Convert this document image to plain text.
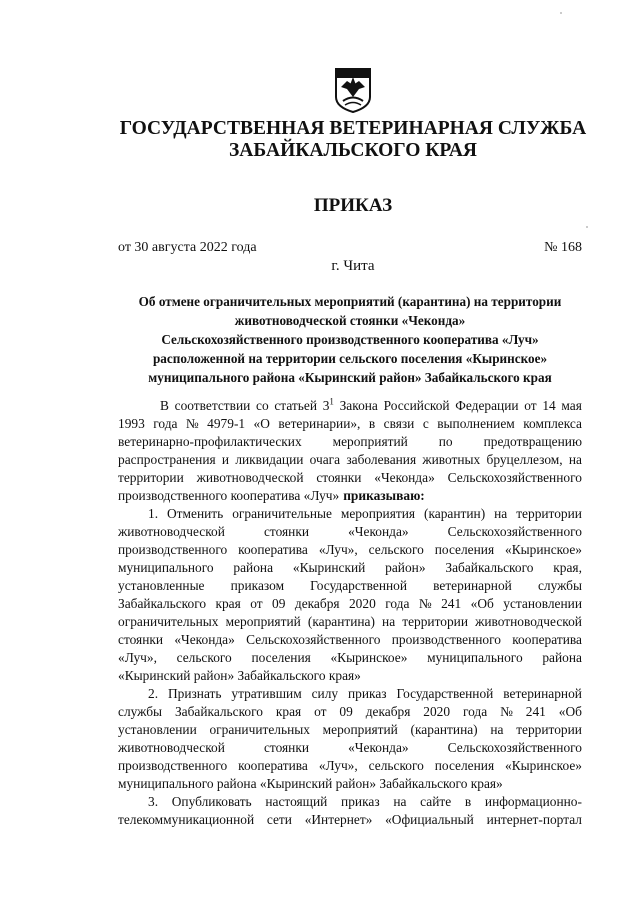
ГОСУДАРСТВЕННАЯ ВЕТЕРИНАРНАЯ СЛУЖБА
ЗАБАЙКАЛЬСКОГО КРАЯ
ПРИКАЗ
от 30 августа 2022 года	№ 168
г. Чита
Об отмене ограничительных мероприятий (карантина) на территории
животноводческой стоянки «Чеконда»
Сельскохозяйственного производственного кооператива «Луч»
расположенной на территории сельского поселения «Кыринское»
муниципального района «Кыринский район» Забайкальского края
В соответствии со статьей $3^1$ Закона Российской Федерации от 14 мая
1993 года № 4979-1 «О ветеринарии», в связи с выполнением комплекса
ветеринарно-профилактических мероприятий по предотвращению
распространения и ликвидации очага заболевания животных бруцеллезом, на
территории животноводческой стоянки «Чеконда» Сельскохозяйственного
производственного кооператива «Луч» приказываю:
1. Отменить ограничительные мероприятия (карантин) на территории
животноводческой	стоянки	«Чеконда»	Сельскохозяйственного
производственного кооператива «Луч», сельского поселения «Кыринское»
муниципального района «Кыринский район» Забайкальского края,
установленные приказом Государственной ветеринарной службы
Забайкальского края от 09 декабря 2020 года № 241 «Об установлении
ограничительных мероприятий (карантина) на территории животноводческой
стоянки «Чеконда» Сельскохозяйственного производственного кооператива
«Луч», сельского поселения «Кыринское» муниципального района
«Кыринский район» Забайкальского края»
2. Признать утратившим силу приказ Государственной ветеринарной
службы Забайкальского края от 09 декабря 2020 года № 241 «Об
установлении ограничительных мероприятий (карантина) на территории
животноводческой	стоянки	«Чеконда»	Сельскохозяйственного
производственного кооператива «Луч», сельского поселения «Кыринское»
муниципального района «Кыринский район» Забайкальского края»
3. Опубликовать настоящий приказ на сайте в информационно-
телекоммуникационной сети «Интернет» «Официальный интернет-портал
